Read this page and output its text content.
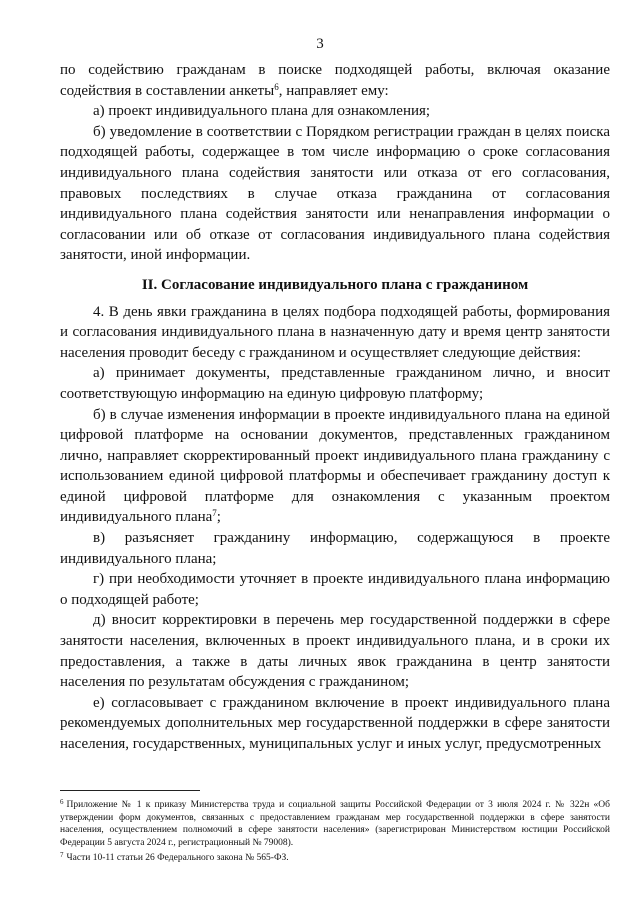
3

по содействию гражданам в поиске подходящей работы, включая оказание содействия в составлении анкеты$^6$, направляет ему:

а) проект индивидуального плана для ознакомления;

б) уведомление в соответствии с Порядком регистрации граждан в целях поиска подходящей работы, содержащее в том числе информацию о сроке согласования индивидуального плана содействия занятости или отказа от его согласования, правовых последствиях в случае отказа гражданина от согласования индивидуального плана содействия занятости или ненаправления информации о согласовании или об отказе от согласования индивидуального плана содействия занятости, иной информации.

II. Согласование индивидуального плана с гражданином

4. В день явки гражданина в целях подбора подходящей работы, формирования и согласования индивидуального плана в назначенную дату и время центр занятости населения проводит беседу с гражданином и осуществляет следующие действия:

а) принимает документы, представленные гражданином лично, и вносит соответствующую информацию на единую цифровую платформу;

б) в случае изменения информации в проекте индивидуального плана на единой цифровой платформе на основании документов, представленных гражданином лично, направляет скорректированный проект индивидуального плана гражданину с использованием единой цифровой платформы и обеспечивает гражданину доступ к единой цифровой платформе для ознакомления с указанным проектом индивидуального плана$^7$;

в) разъясняет гражданину информацию, содержащуюся в проекте индивидуального плана;

г) при необходимости уточняет в проекте индивидуального плана информацию о подходящей работе;

д) вносит корректировки в перечень мер государственной поддержки в сфере занятости населения, включенных в проект индивидуального плана, и в сроки их предоставления, а также в даты личных явок гражданина в центр занятости населения по результатам обсуждения с гражданином;

е) согласовывает с гражданином включение в проект индивидуального плана рекомендуемых дополнительных мер государственной поддержки в сфере занятости населения, государственных, муниципальных услуг и иных услуг, предусмотренных

$^6$ Приложение № 1 к приказу Министерства труда и социальной защиты Российской Федерации от 3 июля 2024 г. № 322н «Об утверждении форм документов, связанных с предоставлением гражданам мер государственной поддержки в сфере занятости населения, осуществлением полномочий в сфере занятости населения» (зарегистрирован Министерством юстиции Российской Федерации 5 августа 2024 г., регистрационный № 79008).

$^7$ Части 10-11 статьи 26 Федерального закона № 565-ФЗ.
